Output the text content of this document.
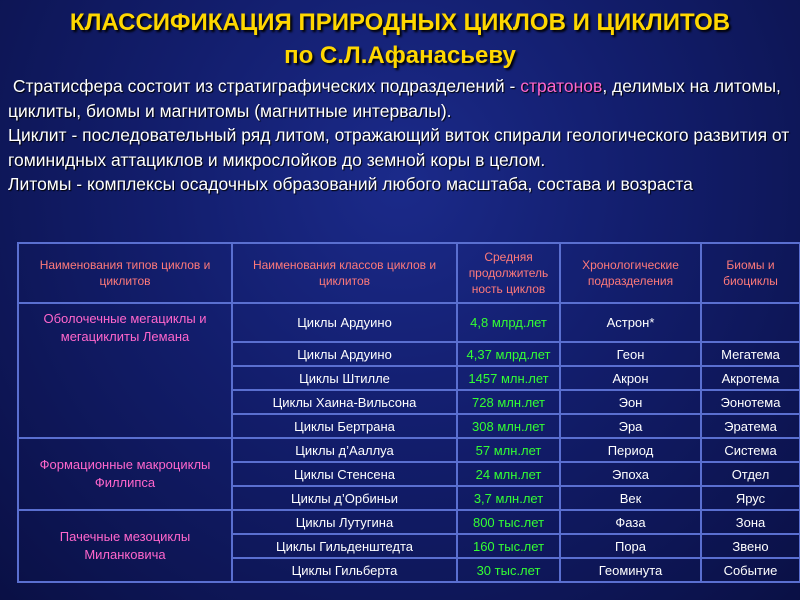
КЛАССИФИКАЦИЯ ПРИРОДНЫХ ЦИКЛОВ И ЦИКЛИТОВ
по С.Л.Афанасьеву

Стратисфера состоит из стратиграфических подразделений - стратонов, делимых на литомы, циклиты, биомы и магнитомы (магнитные интервалы).

Циклит - последовательный ряд литом, отражающий виток спирали геологического развития от гоминидных аттациклов и микрослойков до земной коры в целом.

Литомы - комплексы осадочных образований любого масштаба, состава и возраста

Наименования типов циклов и циклитов	Наименования классов циклов и циклитов	Средняя продолжитель ность циклов	Хронологические подразделения	Биомы и биоциклы
Оболочечные мегациклы и мегациклиты Лемана	Циклы Ардуино	4,8 млрд.лет	Астрон*	
	Циклы Ардуино	4,37 млрд.лет	Геон	Мегатема
	Циклы Штилле	1457 млн.лет	Акрон	Акротема
	Циклы Хаина-Вильсона	728 млн.лет	Эон	Эонотема
	Циклы Бертрана	308 млн.лет	Эра	Эратема
Формационные макроциклы Филлипса	Циклы д’Ааллуа	57 млн.лет	Период	Система
	Циклы Стенсена	24 млн.лет	Эпоха	Отдел
	Циклы д’Орбиньи	3,7 млн.лет	Век	Ярус
Пачечные мезоциклы Миланковича	Циклы Лутугина	800 тыс.лет	Фаза	Зона
	Циклы Гильденштедта	160 тыс.лет	Пора	Звено
	Циклы Гильберта	30 тыс.лет	Геоминута	Событие
